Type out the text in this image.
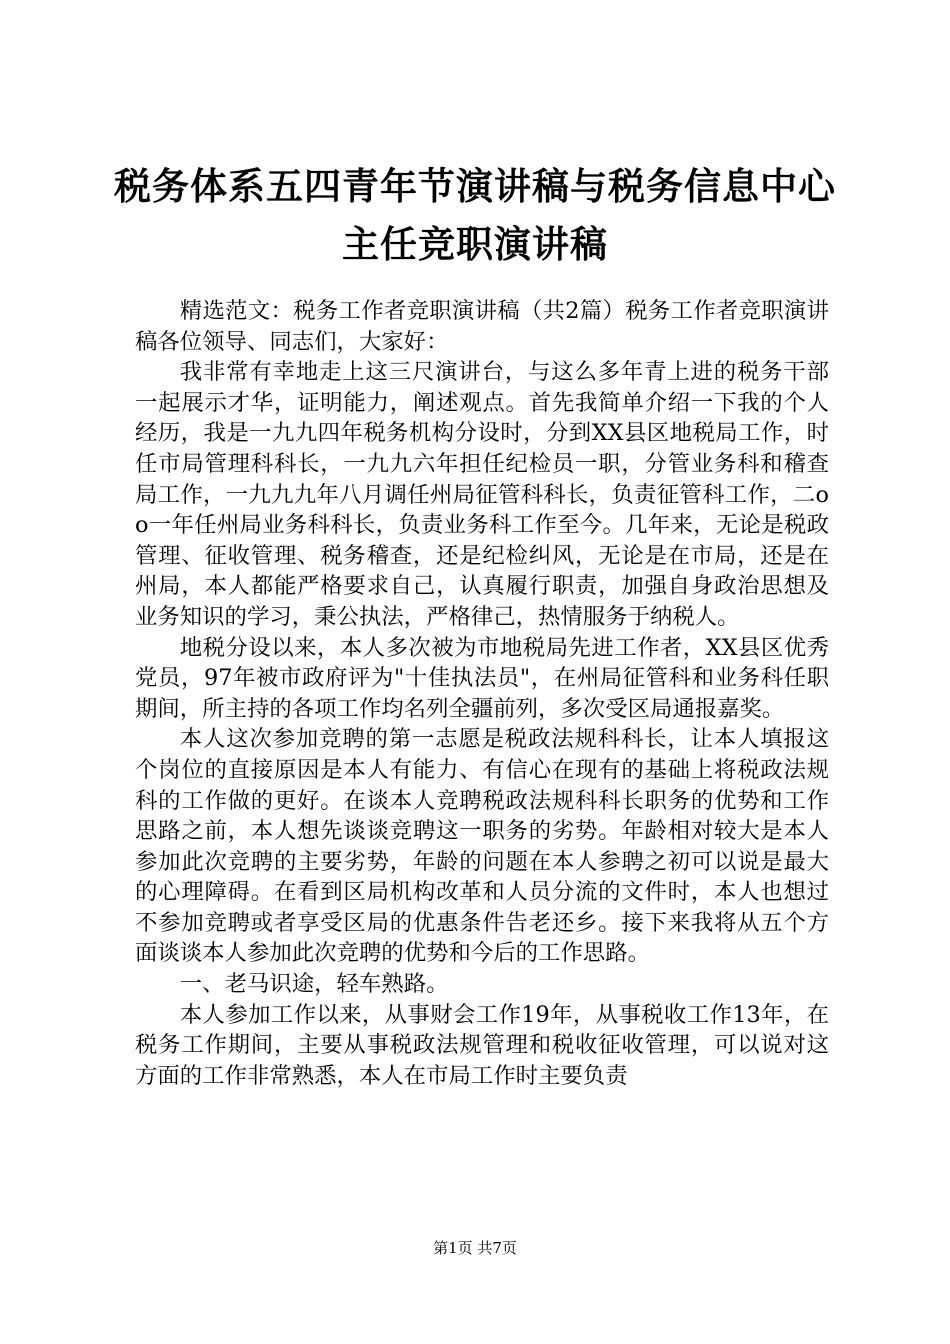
税务体系五四青年节演讲稿与税务信息中心主任竞职演讲稿

精选范文：税务工作者竞职演讲稿（共2篇）税务工作者竞职演讲稿各位领导、同志们，大家好：

我非常有幸地走上这三尺演讲台，与这么多年青上进的税务干部一起展示才华，证明能力，阐述观点。首先我简单介绍一下我的个人经历，我是一九九四年税务机构分设时，分到XX县区地税局工作，时任市局管理科科长，一九九六年担任纪检员一职，分管业务科和稽查局工作，一九九九年八月调任州局征管科科长，负责征管科工作，二oo一年任州局业务科科长，负责业务科工作至今。几年来，无论是税政管理、征收管理、税务稽查，还是纪检纠风，无论是在市局，还是在州局，本人都能严格要求自己，认真履行职责，加强自身政治思想及业务知识的学习，秉公执法，严格律己，热情服务于纳税人。

地税分设以来，本人多次被为市地税局先进工作者，XX县区优秀党员，97年被市政府评为"十佳执法员"，在州局征管科和业务科任职期间，所主持的各项工作均名列全疆前列，多次受区局通报嘉奖。

本人这次参加竞聘的第一志愿是税政法规科科长，让本人填报这个岗位的直接原因是本人有能力、有信心在现有的基础上将税政法规科的工作做的更好。在谈本人竞聘税政法规科科长职务的优势和工作思路之前，本人想先谈谈竞聘这一职务的劣势。年龄相对较大是本人参加此次竞聘的主要劣势，年龄的问题在本人参聘之初可以说是最大的心理障碍。在看到区局机构改革和人员分流的文件时，本人也想过不参加竞聘或者享受区局的优惠条件告老还乡。接下来我将从五个方面谈谈本人参加此次竞聘的优势和今后的工作思路。

一、老马识途，轻车熟路。

本人参加工作以来，从事财会工作19年，从事税收工作13年，在税务工作期间，主要从事税政法规管理和税收征收管理，可以说对这方面的工作非常熟悉，本人在市局工作时主要负责

第1页 共7页
